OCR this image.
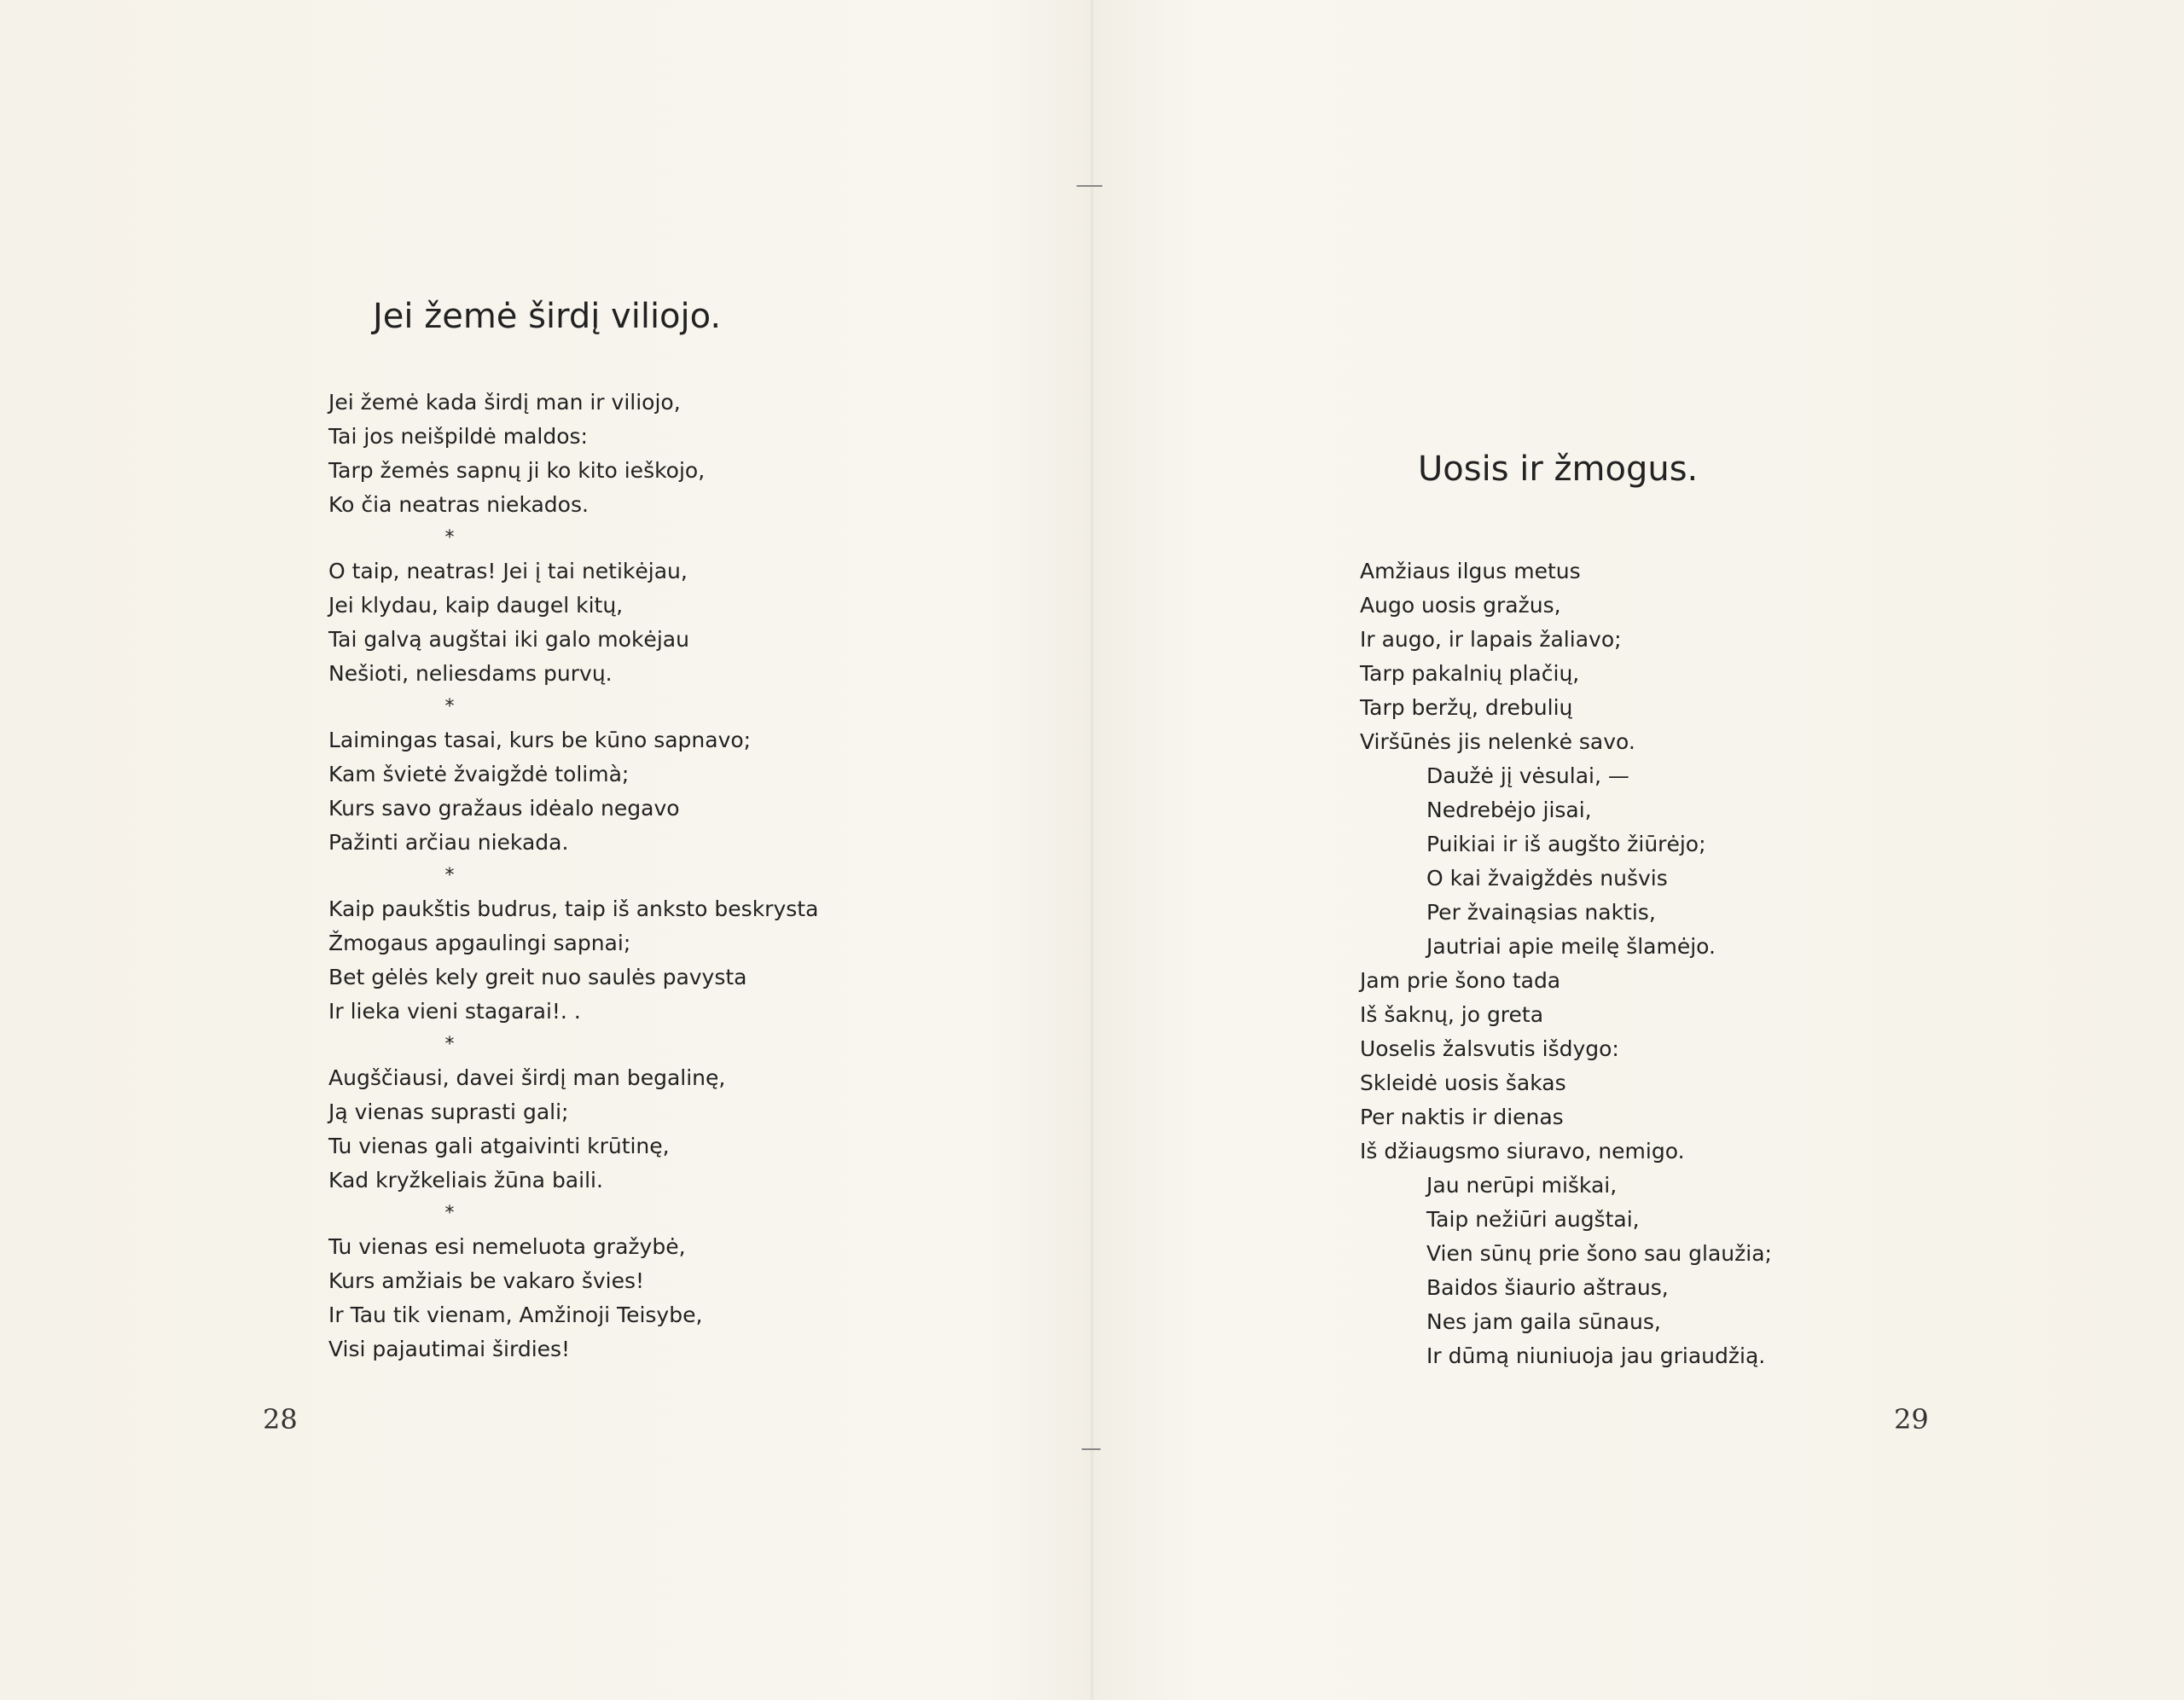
Jei žemė širdį viliojo.
Jei žemė kada širdį man ir viliojo,
Tai jos neišpildė maldos:
Tarp žemės sapnų ji ko kito ieškojo,
Ko čia neatras niekados.
*
O taip, neatras! Jei į tai netikėjau,
Jei klydau, kaip daugel kitų,
Tai galvą augštai iki galo mokėjau
Nešioti, neliesdams purvų.
*
Laimingas tasai, kurs be kūno sapnavo;
Kam švietė žvaigždė tolimà;
Kurs savo gražaus idėalo negavo
Pažinti arčiau niekada.
*
Kaip paukštis budrus, taip iš anksto beskrysta
Žmogaus apgaulingi sapnai;
Bet gėlės kely greit nuo saulės pavysta
Ir lieka vieni stagarai!. .
*
Augščiausi, davei širdį man begalinę,
Ją vienas suprasti gali;
Tu vienas gali atgaivinti krūtinę,
Kad kryžkeliais žūna baili.
*
Tu vienas esi nemeluota gražybė,
Kurs amžiais be vakaro švies!
Ir Tau tik vienam, Amžinoji Teisybe,
Visi pajautimai širdies!
28
Uosis ir žmogus.
Amžiaus ilgus metus
Augo uosis gražus,
Ir augo, ir lapais žaliavo;
Tarp pakalnių plačių,
Tarp beržų, drebulių
Viršūnės jis nelenkė savo.
Daužė jį vėsulai, —
Nedrebėjo jisai,
Puikiai ir iš augšto žiūrėjo;
O kai žvaigždės nušvis
Per žvainąsias naktis,
Jautriai apie meilę šlamėjo.
Jam prie šono tada
Iš šaknų, jo greta
Uoselis žalsvutis išdygo:
Skleidė uosis šakas
Per naktis ir dienas
Iš džiaugsmo siuravo, nemigo.
Jau nerūpi miškai,
Taip nežiūri augštai,
Vien sūnų prie šono sau glaužia;
Baidos šiaurio aštraus,
Nes jam gaila sūnaus,
Ir dūmą niuniuoja jau griaudžią.
29
